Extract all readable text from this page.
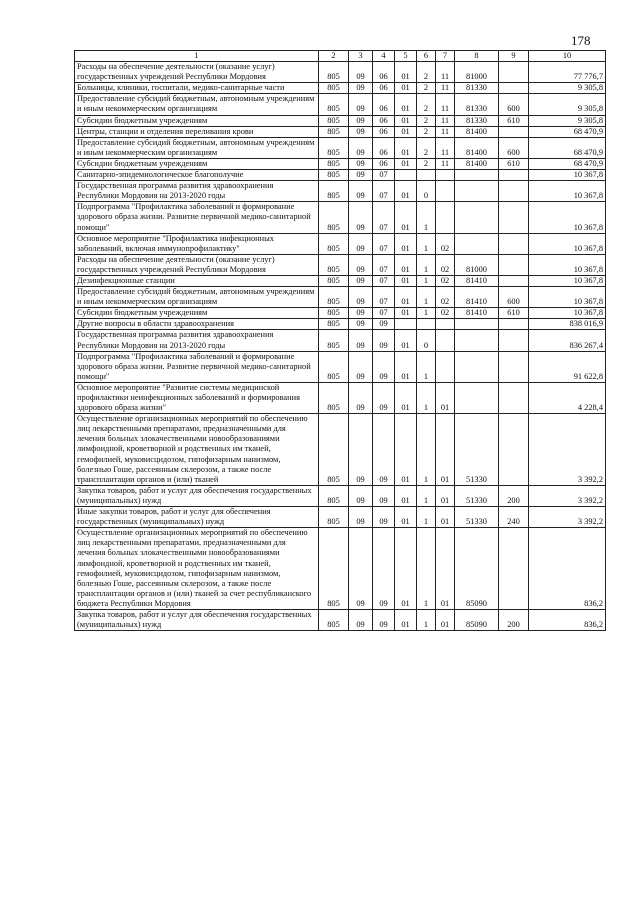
178
1	2	3	4	5	6	7	8	9	10
Расходы на обеспечение деятельности (оказание услуг) государственных учреждений Республики Мордовия	805	09	06	01	2	11	81000		77 776,7
Больницы, клиники, госпитали, медико-санитарные части	805	09	06	01	2	11	81330		9 305,8
Предоставление субсидий бюджетным, автономным учреждениям и иным некоммерческим организациям	805	09	06	01	2	11	81330	600	9 305,8
Субсидии бюджетным учреждениям	805	09	06	01	2	11	81330	610	9 305,8
Центры, станции и отделения переливания крови	805	09	06	01	2	11	81400		68 470,9
Предоставление субсидий бюджетным, автономным учреждениям и иным некоммерческим организациям	805	09	06	01	2	11	81400	600	68 470,9
Субсидии бюджетным учреждениям	805	09	06	01	2	11	81400	610	68 470,9
Санитарно-эпидемиологическое благополучие	805	09	07						10 367,8
Государственная программа развития здравоохранения Республики Мордовия на 2013-2020 годы	805	09	07	01	0				10 367,8
Подпрограмма "Профилактика заболеваний и формирование здорового образа жизни. Развитие первичной медико-санитарной помощи"	805	09	07	01	1				10 367,8
Основное мероприятие "Профилактика инфекционных заболеваний, включая иммунопрофилактику"	805	09	07	01	1	02			10 367,8
Расходы на обеспечение деятельности (оказание услуг) государственных учреждений Республики Мордовия	805	09	07	01	1	02	81000		10 367,8
Дезинфекционные станции	805	09	07	01	1	02	81410		10 367,8
Предоставление субсидий бюджетным, автономным учреждениям и иным некоммерческим организациям	805	09	07	01	1	02	81410	600	10 367,8
Субсидии бюджетным учреждениям	805	09	07	01	1	02	81410	610	10 367,8
Другие вопросы в области здравоохранения	805	09	09						838 016,9
Государственная программа развития здравоохранения Республики Мордовия на 2013-2020 годы	805	09	09	01	0				836 267,4
Подпрограмма "Профилактика заболеваний и формирование здорового образа жизни. Развитие первичной медико-санитарной помощи"	805	09	09	01	1				91 622,8
Основное мероприятие "Развитие системы медицинской профилактики неинфекционных заболеваний и формирования здорового образа жизни"	805	09	09	01	1	01			4 228,4
Осуществление организационных мероприятий по обеспечению лиц лекарственными препаратами, предназначенными для лечения больных злокачественными новообразованиями лимфоидной, кроветворной и родственных им тканей, гемофилией, муковисцидозом, гипофизарным нанизмом, болезнью Гоше, рассеянным склерозом, а также после трансплантации органов и (или) тканей	805	09	09	01	1	01	51330		3 392,2
Закупка товаров, работ и услуг для обеспечения государственных (муниципальных) нужд	805	09	09	01	1	01	51330	200	3 392,2
Иные закупки товаров, работ и услуг для обеспечения государственных (муниципальных) нужд	805	09	09	01	1	01	51330	240	3 392,2
Осуществление организационных мероприятий по обеспечению лиц лекарственными препаратами, предназначенными для лечения больных злокачественными новообразованиями лимфоидной, кроветворной и родственных им тканей, гемофилией, муковисцидозом, гипофизарным нанизмом, болезнью Гоше, рассеянным склерозом, а также после трансплантации органов и (или) тканей за счет республиканского бюджета Республики Мордовия	805	09	09	01	1	01	85090		836,2
Закупка товаров, работ и услуг для обеспечения государственных (муниципальных) нужд	805	09	09	01	1	01	85090	200	836,2
